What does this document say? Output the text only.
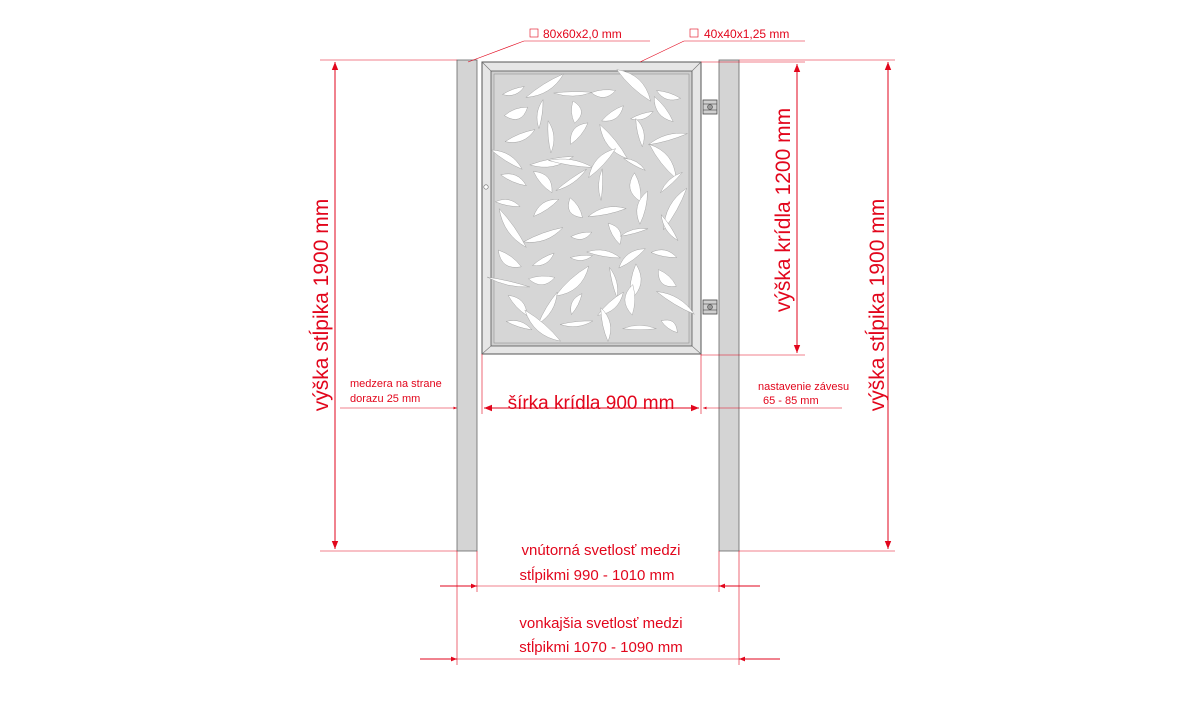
80x60x2,0 mm	40x40x1,25 mm
výška stĺpika 1900 mm	výška stĺpika 1900 mm
výška krídla 1200 mm
šírka krídla 900 mm
medzera na strane
dorazu 25 mm
nastavenie závesu
65 - 85 mm
vnútorná svetlosť medzi
stĺpikmi 990 - 1010 mm
vonkajšia svetlosť medzi
stĺpikmi 1070 - 1090 mm
